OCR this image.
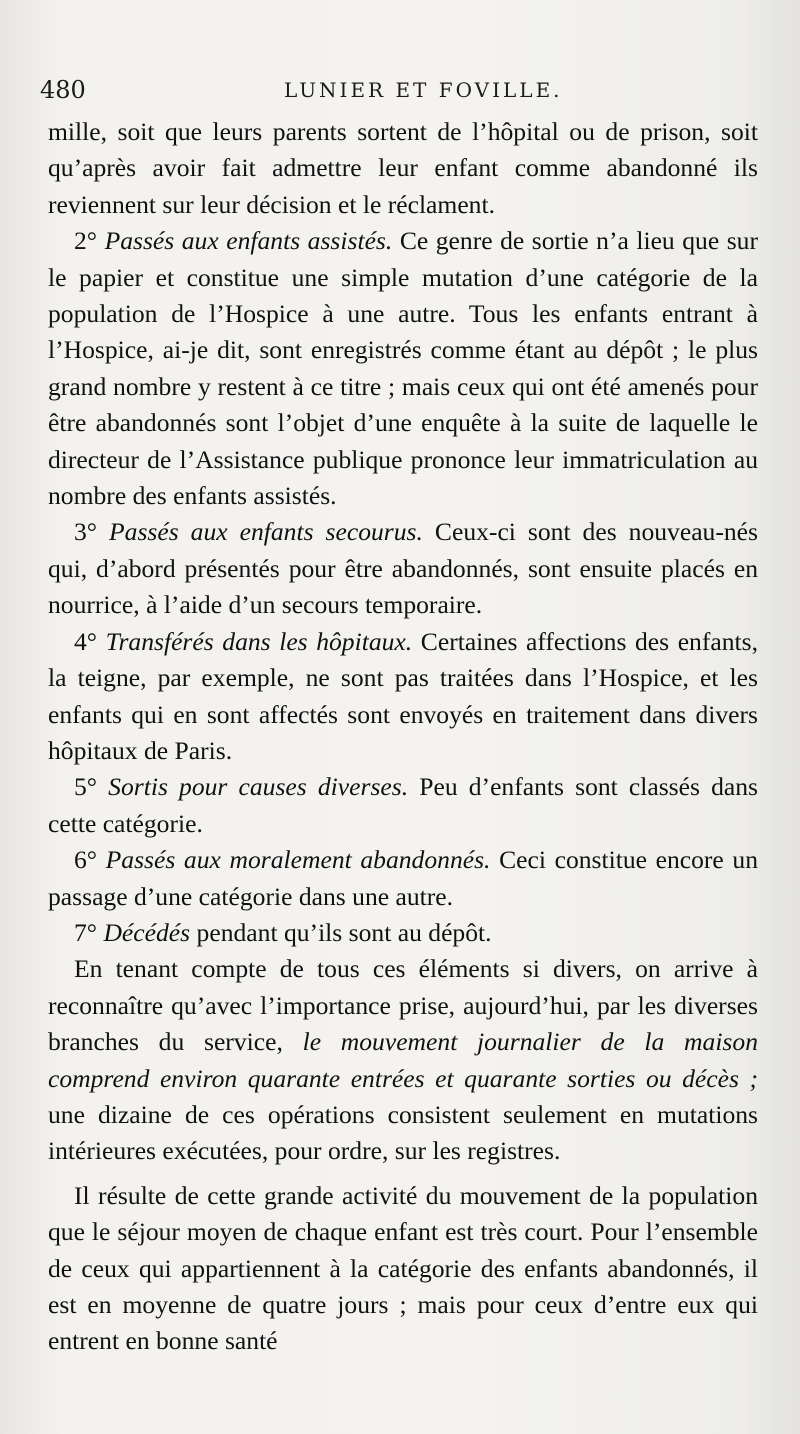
480	LUNIER ET FOVILLE.

mille, soit que leurs parents sortent de l’hôpital ou de prison, soit qu’après avoir fait admettre leur enfant comme abandonné ils reviennent sur leur décision et le réclament.

2° Passés aux enfants assistés. Ce genre de sortie n’a lieu que sur le papier et constitue une simple mutation d’une catégorie de la population de l’Hospice à une autre. Tous les enfants entrant à l’Hospice, ai-je dit, sont enregistrés comme étant au dépôt ; le plus grand nombre y restent à ce titre ; mais ceux qui ont été amenés pour être abandonnés sont l’objet d’une enquête à la suite de laquelle le directeur de l’Assistance publique prononce leur immatriculation au nombre des enfants assistés.

3° Passés aux enfants secourus. Ceux-ci sont des nouveau-nés qui, d’abord présentés pour être abandonnés, sont ensuite placés en nourrice, à l’aide d’un secours temporaire.

4° Transférés dans les hôpitaux. Certaines affections des enfants, la teigne, par exemple, ne sont pas traitées dans l’Hospice, et les enfants qui en sont affectés sont envoyés en traitement dans divers hôpitaux de Paris.

5° Sortis pour causes diverses. Peu d’enfants sont classés dans cette catégorie.

6° Passés aux moralement abandonnés. Ceci constitue encore un passage d’une catégorie dans une autre.

7° Décédés pendant qu’ils sont au dépôt.

En tenant compte de tous ces éléments si divers, on arrive à reconnaître qu’avec l’importance prise, aujourd’hui, par les diverses branches du service, le mouvement journalier de la maison comprend environ quarante entrées et quarante sorties ou décès ; une dizaine de ces opérations consistent seulement en mutations intérieures exécutées, pour ordre, sur les registres.

Il résulte de cette grande activité du mouvement de la population que le séjour moyen de chaque enfant est très court. Pour l’ensemble de ceux qui appartiennent à la catégorie des enfants abandonnés, il est en moyenne de quatre jours ; mais pour ceux d’entre eux qui entrent en bonne santé
